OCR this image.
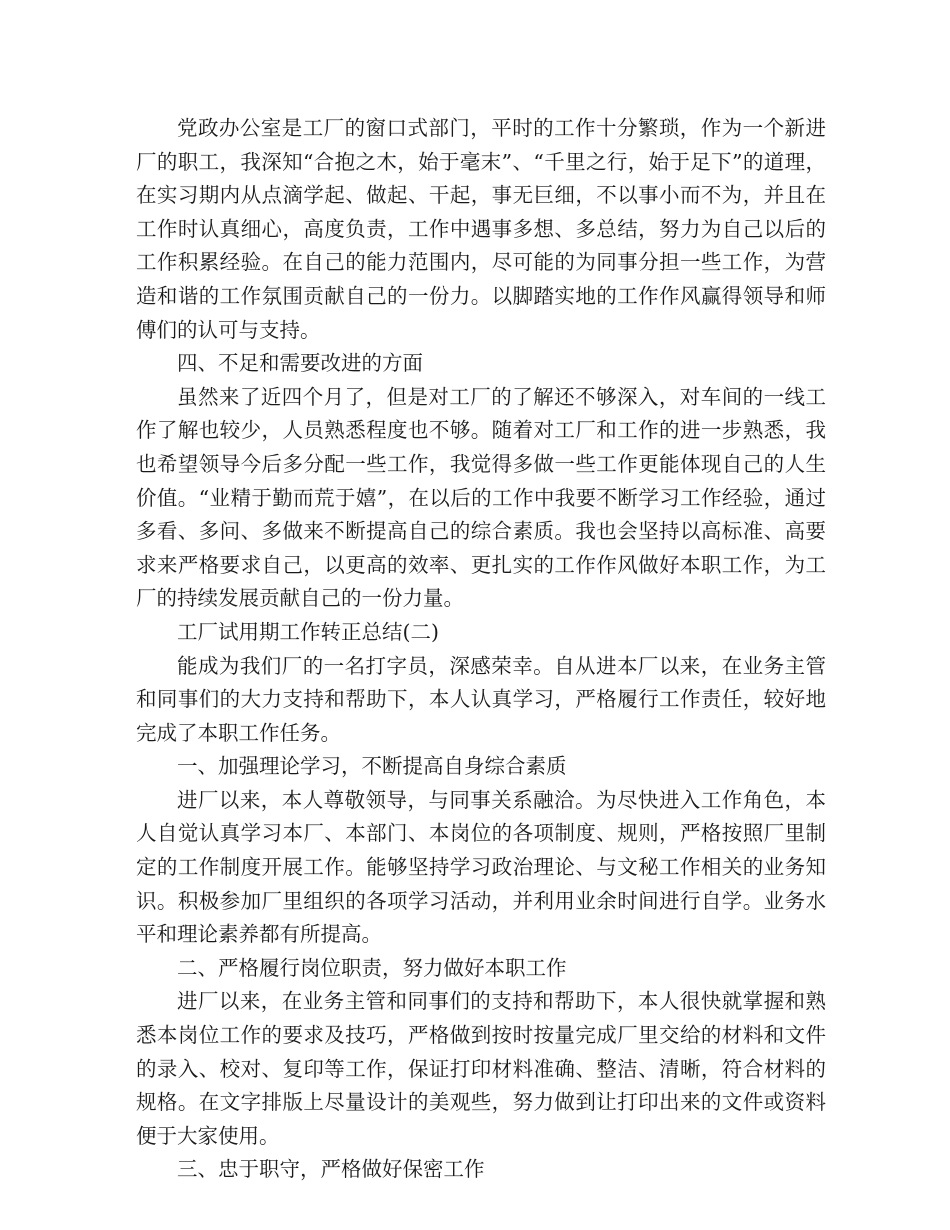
党政办公室是工厂的窗口式部门，平时的工作十分繁琐，作为一个新进厂的职工，我深知“合抱之木，始于毫末”、“千里之行，始于足下”的道理，在实习期内从点滴学起、做起、干起，事无巨细，不以事小而不为，并且在工作时认真细心，高度负责，工作中遇事多想、多总结，努力为自己以后的工作积累经验。在自己的能力范围内，尽可能的为同事分担一些工作，为营造和谐的工作氛围贡献自己的一份力。以脚踏实地的工作作风赢得领导和师傅们的认可与支持。

四、不足和需要改进的方面

虽然来了近四个月了，但是对工厂的了解还不够深入，对车间的一线工作了解也较少，人员熟悉程度也不够。随着对工厂和工作的进一步熟悉，我也希望领导今后多分配一些工作，我觉得多做一些工作更能体现自己的人生价值。“业精于勤而荒于嬉”，在以后的工作中我要不断学习工作经验，通过多看、多问、多做来不断提高自己的综合素质。我也会坚持以高标准、高要求来严格要求自己，以更高的效率、更扎实的工作作风做好本职工作，为工厂的持续发展贡献自己的一份力量。

工厂试用期工作转正总结(二)

能成为我们厂的一名打字员，深感荣幸。自从进本厂以来，在业务主管和同事们的大力支持和帮助下，本人认真学习，严格履行工作责任，较好地完成了本职工作任务。

一、加强理论学习，不断提高自身综合素质

进厂以来，本人尊敬领导，与同事关系融洽。为尽快进入工作角色，本人自觉认真学习本厂、本部门、本岗位的各项制度、规则，严格按照厂里制定的工作制度开展工作。能够坚持学习政治理论、与文秘工作相关的业务知识。积极参加厂里组织的各项学习活动，并利用业余时间进行自学。业务水平和理论素养都有所提高。

二、严格履行岗位职责，努力做好本职工作

进厂以来，在业务主管和同事们的支持和帮助下，本人很快就掌握和熟悉本岗位工作的要求及技巧，严格做到按时按量完成厂里交给的材料和文件的录入、校对、复印等工作，保证打印材料准确、整洁、清晰，符合材料的规格。在文字排版上尽量设计的美观些，努力做到让打印出来的文件或资料便于大家使用。

三、忠于职守，严格做好保密工作
